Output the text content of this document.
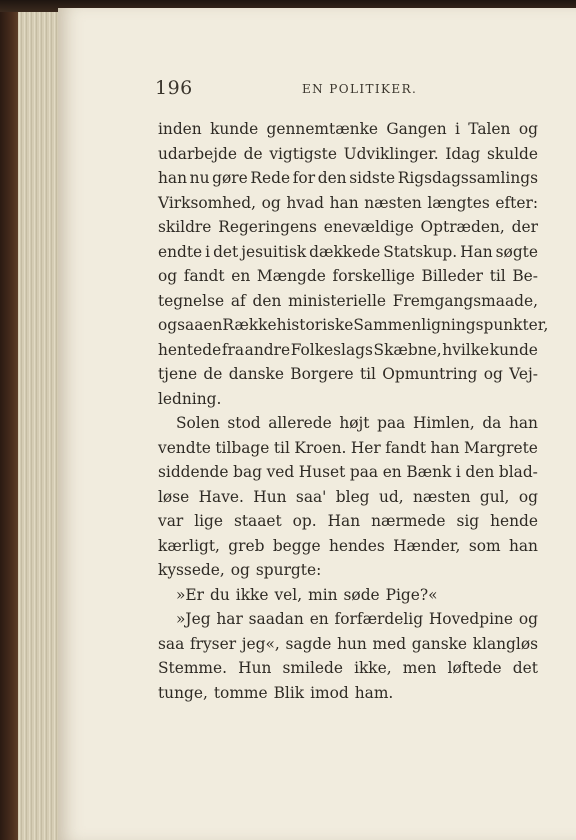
196	EN POLITIKER.
inden kunde gennemtænke Gangen i Talen og
udarbejde de vigtigste Udviklinger. Idag skulde
han nu gøre Rede for den sidste Rigsdagssamlings
Virksomhed, og hvad han næsten længtes efter:
skildre Regeringens enevældige Optræden, der
endte i det jesuitisk dækkede Statskup. Han søgte
og fandt en Mængde forskellige Billeder til Be-
tegnelse af den ministerielle Fremgangsmaade,
ogsaa en Række historiske Sammenligningspunkter,
hentede fra andre Folkeslags Skæbne, hvilke kunde
tjene de danske Borgere til Opmuntring og Vej-
ledning.
Solen stod allerede højt paa Himlen, da han
vendte tilbage til Kroen. Her fandt han Margrete
siddende bag ved Huset paa en Bænk i den blad-
løse Have. Hun saa' bleg ud, næsten gul, og
var lige staaet op. Han nærmede sig hende
kærligt, greb begge hendes Hænder, som han
kyssede, og spurgte:
»Er du ikke vel, min søde Pige?«
»Jeg har saadan en forfærdelig Hovedpine og
saa fryser jeg«, sagde hun med ganske klangløs
Stemme. Hun smilede ikke, men løftede det
tunge, tomme Blik imod ham.
